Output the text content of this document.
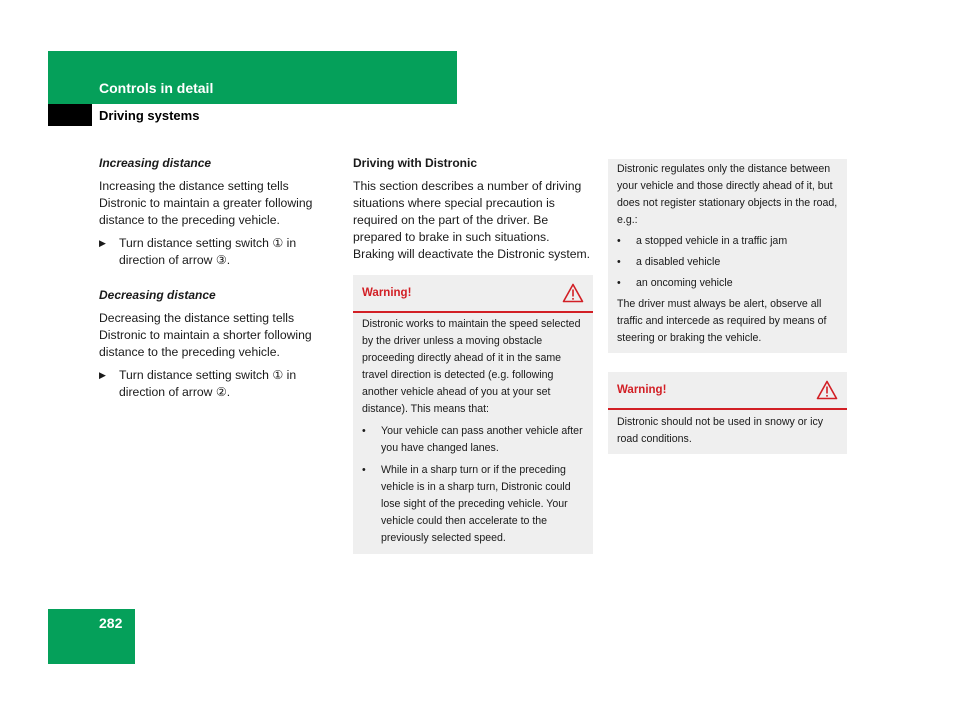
Controls in detail
Driving systems
Increasing distance

Increasing the distance setting tells Distronic to maintain a greater following distance to the preceding vehicle.

▶	Turn distance setting switch ① in direction of arrow ③.
Decreasing distance

Decreasing the distance setting tells Distronic to maintain a shorter following distance to the preceding vehicle.

▶	Turn distance setting switch ① in direction of arrow ②.
Driving with Distronic

This section describes a number of driving situations where special precaution is required on the part of the driver. Be prepared to brake in such situations. Braking will deactivate the Distronic system.

Warning!

Distronic works to maintain the speed selected by the driver unless a moving obstacle proceeding directly ahead of it in the same travel direction is detected (e.g. following another vehicle ahead of you at your set distance). This means that:

•	Your vehicle can pass another vehicle after you have changed lanes.
•	While in a sharp turn or if the preceding vehicle is in a sharp turn, Distronic could lose sight of the preceding vehicle. Your vehicle could then accelerate to the previously selected speed.

Distronic regulates only the distance between your vehicle and those directly ahead of it, but does not register stationary objects in the road, e.g.:

•	a stopped vehicle in a traffic jam
•	a disabled vehicle
•	an oncoming vehicle

The driver must always be alert, observe all traffic and intercede as required by means of steering or braking the vehicle.

Warning!

Distronic should not be used in snowy or icy road conditions.

282
